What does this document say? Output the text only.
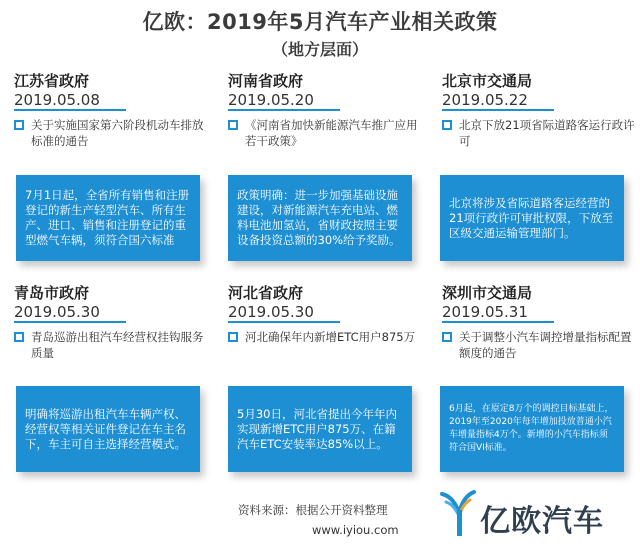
亿欧：2019年5月汽车产业相关政策
（地方层面）
江苏省政府
2019.05.08
关于实施国家第六阶段机动车排放标准的通告
7月1日起，全省所有销售和注册登记的新生产轻型汽车、所有生产、进口、销售和注册登记的重型燃气车辆，须符合国六标准
河南省政府
2019.05.20
《河南省加快新能源汽车推广应用若干政策》
政策明确：进一步加强基础设施建设，对新能源汽车充电站、燃料电池加氢站，省财政按照主要设备投资总额的30%给予奖励。
北京市交通局
2019.05.22
北京下放21项省际道路客运行政许可
北京将涉及省际道路客运经营的21项行政许可审批权限，下放至区级交通运输管理部门。
青岛市政府
2019.05.30
青岛巡游出租汽车经营权挂钩服务质量
明确将巡游出租汽车车辆产权、经营权等相关证件登记在车主名下，车主可自主选择经营模式。
河北省政府
2019.05.30
河北确保年内新增ETC用户875万
5月30日，河北省提出今年年内实现新增ETC用户875万、在籍汽车ETC安装率达85%以上。
深圳市交通局
2019.05.31
关于调整小汽车调控增量指标配置额度的通告
6月起，在原定8万个的调控目标基础上，2019年至2020年每年增加投放普通小汽车增量指标4万个。新增的小汽车指标须符合国VI标准。
资料来源：根据公开资料整理
www.iyiou.com	亿欧汽车
